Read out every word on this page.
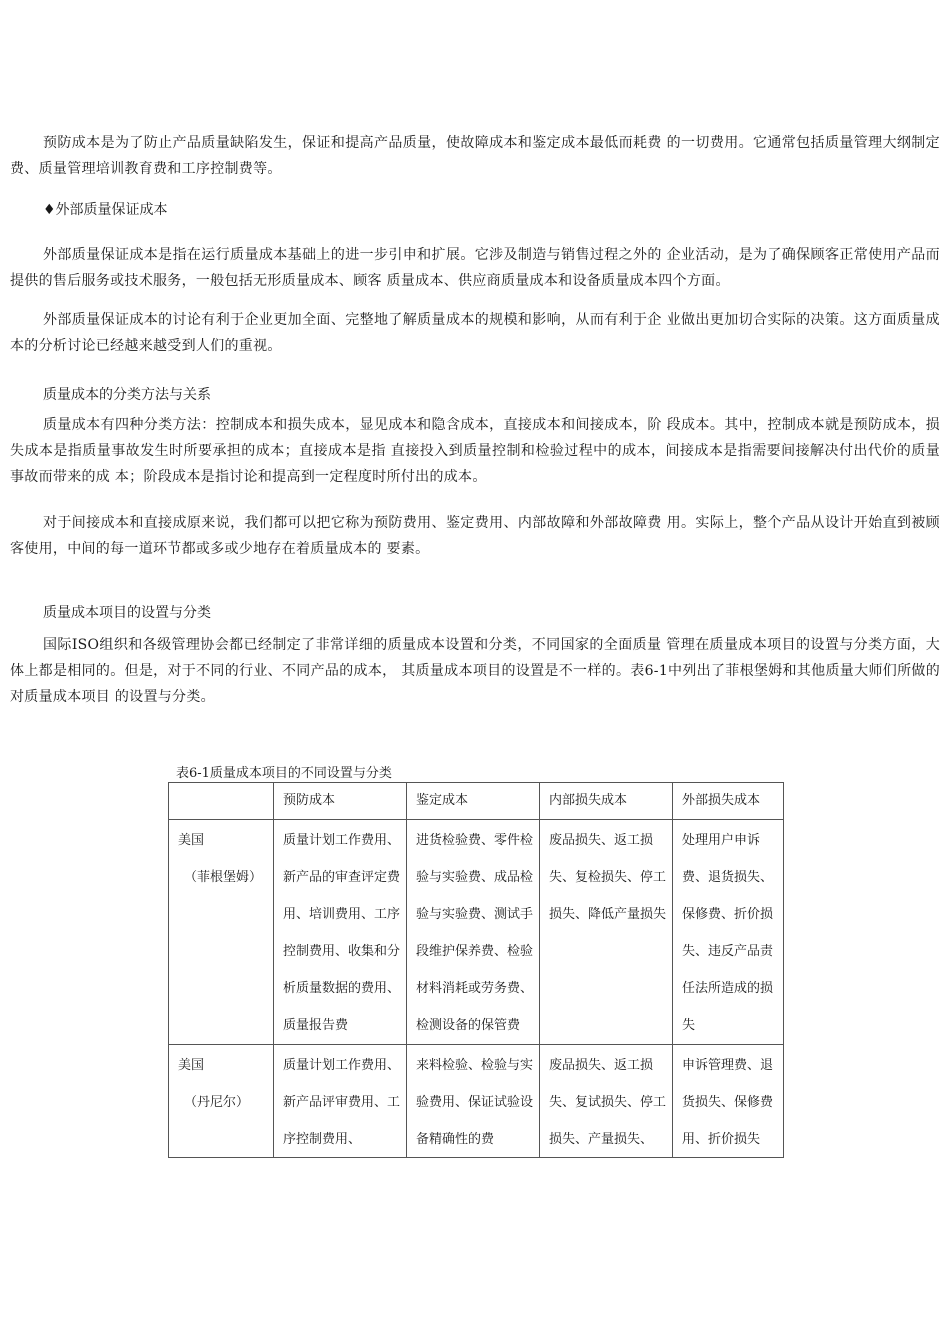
预防成本是为了防止产品质量缺陷发生，保证和提高产品质量，使故障成本和鉴定成本最低而耗费 的一切费用。它通常包括质量管理大纲制定费、质量管理培训教育费和工序控制费等。

♦外部质量保证成本

外部质量保证成本是指在运行质量成本基础上的进一步引申和扩展。它涉及制造与销售过程之外的 企业活动，是为了确保顾客正常使用产品而提供的售后服务或技术服务，一般包括无形质量成本、顾客 质量成本、供应商质量成本和设备质量成本四个方面。

外部质量保证成本的讨论有利于企业更加全面、完整地了解质量成本的规模和影响，从而有利于企 业做出更加切合实际的决策。这方面质量成本的分析讨论已经越来越受到人们的重视。

质量成本的分类方法与关系

质量成本有四种分类方法：控制成本和损失成本，显见成本和隐含成本，直接成本和间接成本，阶 段成本。其中，控制成本就是预防成本，损失成本是指质量事故发生时所要承担的成本；直接成本是指 直接投入到质量控制和检验过程中的成本，间接成本是指需要间接解决付出代价的质量事故而带来的成 本；阶段成本是指讨论和提高到一定程度时所付出的成本。

对于间接成本和直接成原来说，我们都可以把它称为预防费用、鉴定费用、内部故障和外部故障费 用。实际上，整个产品从设计开始直到被顾客使用，中间的每一道环节都或多或少地存在着质量成本的 要素。

质量成本项目的设置与分类

国际ISO组织和各级管理协会都已经制定了非常详细的质量成本设置和分类，不同国家的全面质量 管理在质量成本项目的设置与分类方面，大体上都是相同的。但是，对于不同的行业、不同产品的成本， 其质量成本项目的设置是不一样的。表6-1中列出了菲根堡姆和其他质量大师们所做的对质量成本项目 的设置与分类。

表6-1质量成本项目的不同设置与分类
	预防成本	鉴定成本	内部损失成本	外部损失成本

美国
（菲根堡姆）	质量计划工作费用、新产品的审查评定费用、培训费用、工序控制费用、收集和分析质量数据的费用、质量报告费	进货检验费、零件检验与实验费、成品检验与实验费、测试手段维护保养费、检验材料消耗或劳务费、检测设备的保管费	废品损失、返工损失、复检损失、停工损失、降低产量损失	处理用户申诉费、退货损失、保修费、折价损失、违反产品责任法所造成的损失

美国
（丹尼尔）	质量计划工作费用、新产品评审费用、工序控制费用、	来料检验、检验与实验费用、保证试验设备精确性的费	废品损失、返工损失、复试损失、停工损失、产量损失、	申诉管理费、退货损失、保修费用、折价损失
